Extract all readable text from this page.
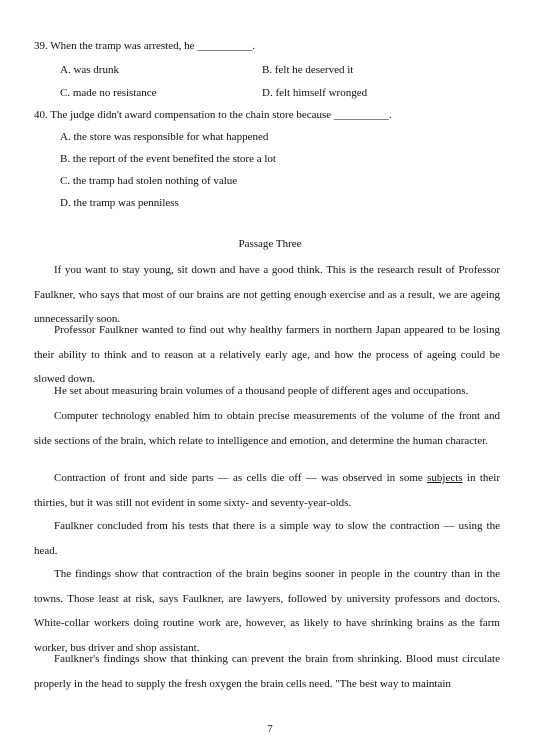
39. When the tramp was arrested, he __________.
A. was drunk	B. felt he deserved it
C. made no resistance	D. felt himself wronged
40. The judge didn't award compensation to the chain store because __________.
A. the store was responsible for what happened
B. the report of the event benefited the store a lot
C. the tramp had stolen nothing of value
D. the tramp was penniless
Passage Three

If you want to stay young, sit down and have a good think. This is the research result of Professor Faulkner, who says that most of our brains are not getting enough exercise and as a result, we are ageing unnecessarily soon.

Professor Faulkner wanted to find out why healthy farmers in northern Japan appeared to be losing their ability to think and to reason at a relatively early age, and how the process of ageing could be slowed down.

He set about measuring brain volumes of a thousand people of different ages and occupations.

Computer technology enabled him to obtain precise measurements of the volume of the front and side sections of the brain, which relate to intelligence and emotion, and determine the human character.

Contraction of front and side parts — as cells die off — was observed in some subjects in their thirties, but it was still not evident in some sixty- and seventy-year-olds.

Faulkner concluded from his tests that there is a simple way to slow the contraction — using the head.

The findings show that contraction of the brain begins sooner in people in the country than in the towns. Those least at risk, says Faulkner, are lawyers, followed by university professors and doctors. White-collar workers doing routine work are, however, as likely to have shrinking brains as the farm worker, bus driver and shop assistant.

Faulkner's findings show that thinking can prevent the brain from shrinking. Blood must circulate properly in the head to supply the fresh oxygen the brain cells need. "The best way to maintain

7
